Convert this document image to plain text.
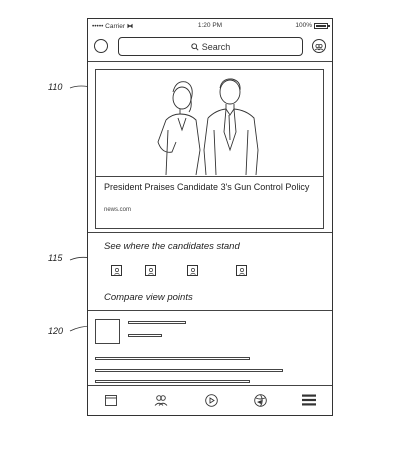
110
115
120
••••• Carrier ⧓	1:20 PM	100%
Search
President Praises Candidate 3's Gun Control Policy
news.com
See where the candidates stand
Compare view points
